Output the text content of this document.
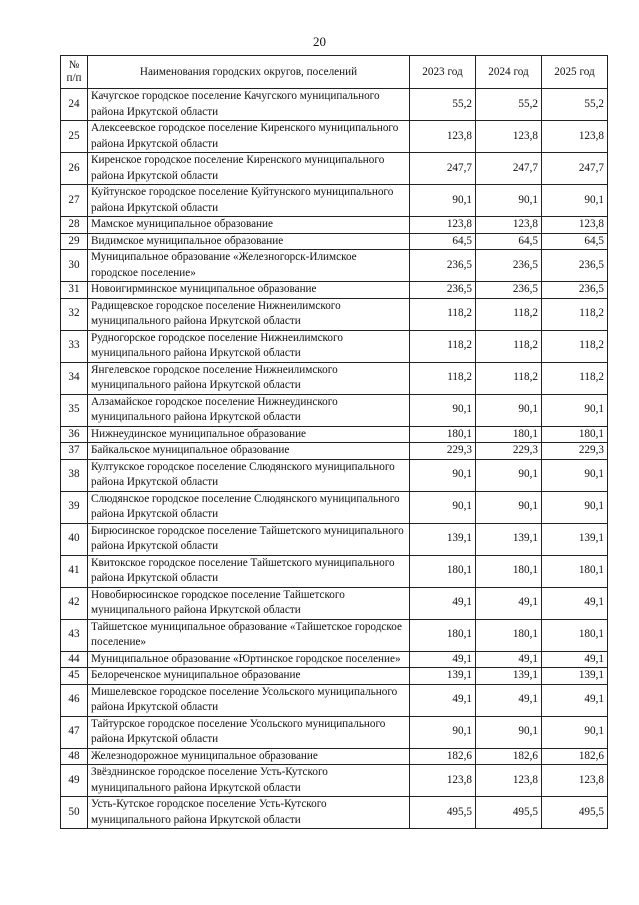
20
№ п/п	Наименования городских округов, поселений	2023 год	2024 год	2025 год
24	Качугское городское поселение Качугского муниципального района Иркутской области	55,2	55,2	55,2
25	Алексеевское городское поселение Киренского муниципального района Иркутской области	123,8	123,8	123,8
26	Киренское городское поселение Киренского муниципального района Иркутской области	247,7	247,7	247,7
27	Куйтунское городское поселение Куйтунского муниципального района Иркутской области	90,1	90,1	90,1
28	Мамское муниципальное образование	123,8	123,8	123,8
29	Видимское муниципальное образование	64,5	64,5	64,5
30	Муниципальное образование «Железногорск-Илимское городское поселение»	236,5	236,5	236,5
31	Новоигирминское муниципальное образование	236,5	236,5	236,5
32	Радищевское городское поселение Нижнеилимского муниципального района Иркутской области	118,2	118,2	118,2
33	Рудногорское городское поселение Нижнеилимского муниципального района Иркутской области	118,2	118,2	118,2
34	Янгелевское городское поселение Нижнеилимского муниципального района Иркутской области	118,2	118,2	118,2
35	Алзамайское городское поселение Нижнеудинского муниципального района Иркутской области	90,1	90,1	90,1
36	Нижнеудинское муниципальное образование	180,1	180,1	180,1
37	Байкальское муниципальное образование	229,3	229,3	229,3
38	Култукское городское поселение Слюдянского муниципального района Иркутской области	90,1	90,1	90,1
39	Слюдянское городское поселение Слюдянского муниципального района Иркутской области	90,1	90,1	90,1
40	Бирюсинское городское поселение Тайшетского муниципального района Иркутской области	139,1	139,1	139,1
41	Квитокское городское поселение Тайшетского муниципального района Иркутской области	180,1	180,1	180,1
42	Новобирюсинское городское поселение Тайшетского муниципального района Иркутской области	49,1	49,1	49,1
43	Тайшетское муниципальное образование «Тайшетское городское поселение»	180,1	180,1	180,1
44	Муниципальное образование «Юртинское городское поселение»	49,1	49,1	49,1
45	Белореченское муниципальное образование	139,1	139,1	139,1
46	Мишелевское городское поселение Усольского муниципального района Иркутской области	49,1	49,1	49,1
47	Тайтурское городское поселение Усольского муниципального района Иркутской области	90,1	90,1	90,1
48	Железнодорожное муниципальное образование	182,6	182,6	182,6
49	Звёзднинское городское поселение Усть-Кутского муниципального района Иркутской области	123,8	123,8	123,8
50	Усть-Кутское городское поселение Усть-Кутского муниципального района Иркутской области	495,5	495,5	495,5
